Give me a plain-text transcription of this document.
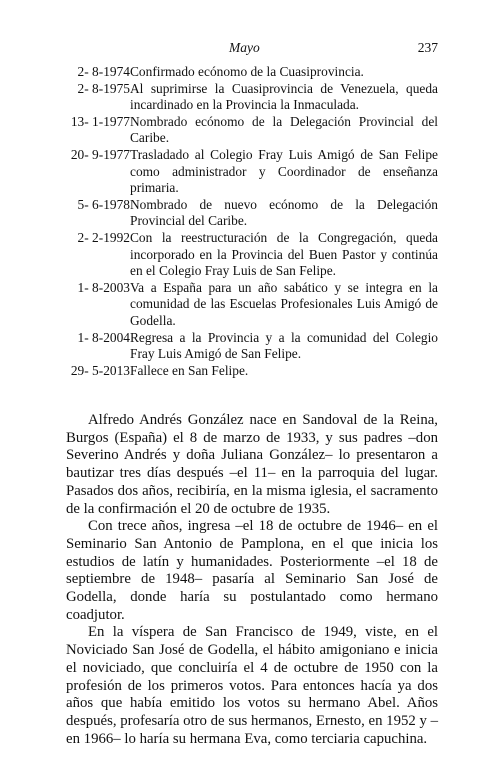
Mayo	237
2- 8-1974	Confirmado ecónomo de la Cuasiprovincia.
2- 8-1975	Al suprimirse la Cuasiprovincia de Venezuela, queda incardinado en la Provincia la Inmaculada.
13- 1-1977	Nombrado ecónomo de la Delegación Provincial del Caribe.
20- 9-1977	Trasladado al Colegio Fray Luis Amigó de San Felipe como administrador y Coordinador de enseñanza primaria.
5- 6-1978	Nombrado de nuevo ecónomo de la Delegación Provincial del Caribe.
2- 2-1992	Con la reestructuración de la Congregación, queda incorporado en la Provincia del Buen Pastor y continúa en el Colegio Fray Luis de San Felipe.
1- 8-2003	Va a España para un año sabático y se integra en la comunidad de las Escuelas Profesionales Luis Amigó de Godella.
1- 8-2004	Regresa a la Provincia y a la comunidad del Colegio Fray Luis Amigó de San Felipe.
29- 5-2013	Fallece en San Felipe.

Alfredo Andrés González nace en Sandoval de la Reina, Burgos (España) el 8 de marzo de 1933, y sus padres –don Severino Andrés y doña Juliana González– lo presentaron a bautizar tres días después –el 11– en la parroquia del lugar. Pasados dos años, recibiría, en la misma iglesia, el sacramento de la confirmación el 20 de octubre de 1935.

Con trece años, ingresa –el 18 de octubre de 1946– en el Seminario San Antonio de Pamplona, en el que inicia los estudios de latín y humanidades. Posteriormente –el 18 de septiembre de 1948– pasaría al Seminario San José de Godella, donde haría su postulantado como hermano coadjutor.

En la víspera de San Francisco de 1949, viste, en el Noviciado San José de Godella, el hábito amigoniano e inicia el noviciado, que concluiría el 4 de octubre de 1950 con la profesión de los primeros votos. Para entonces hacía ya dos años que había emitido los votos su hermano Abel. Años después, profesaría otro de sus hermanos, Ernesto, en 1952 y –en 1966– lo haría su hermana Eva, como terciaria capuchina.
